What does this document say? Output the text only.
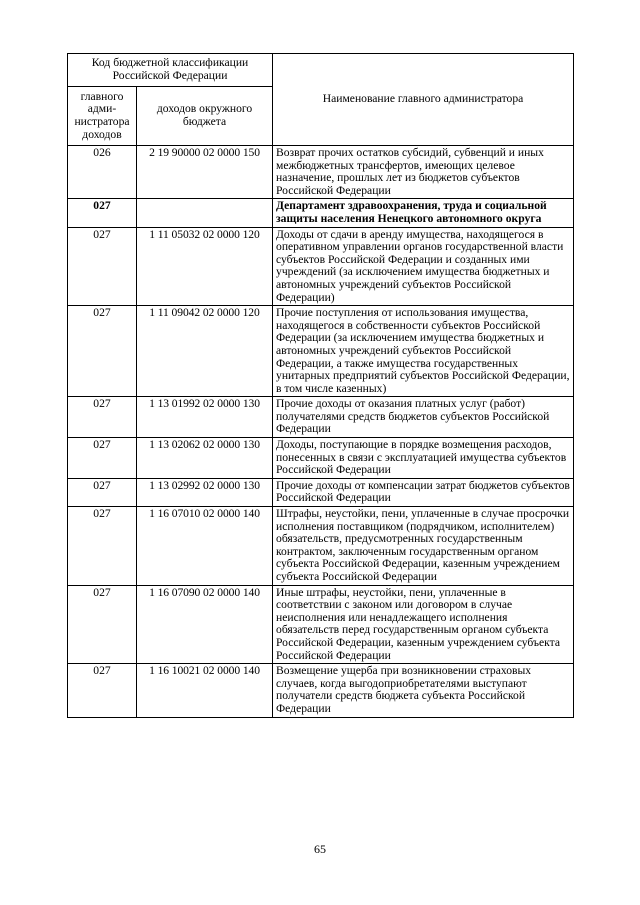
Код бюджетной классификации Российской Федерации		Наименование главного администратора
главного адми-нистратора доходов	доходов окружного бюджета	
026	2 19 90000 02 0000 150	Возврат прочих остатков субсидий, субвенций и иных межбюджетных трансфертов, имеющих целевое назначение, прошлых лет из бюджетов субъектов Российской Федерации
027		Департамент здравоохранения, труда и социальной защиты населения Ненецкого автономного округа
027	1 11 05032 02 0000 120	Доходы от сдачи в аренду имущества, находящегося в оперативном управлении органов государственной власти субъектов Российской Федерации и созданных ими учреждений (за исключением имущества бюджетных и автономных учреждений субъектов Российской Федерации)
027	1 11 09042 02 0000 120	Прочие поступления от использования имущества, находящегося в собственности субъектов Российской Федерации (за исключением имущества бюджетных и автономных учреждений субъектов Российской Федерации, а также имущества государственных унитарных предприятий субъектов Российской Федерации, в том числе казенных)
027	1 13 01992 02 0000 130	Прочие доходы от оказания платных услуг (работ) получателями средств бюджетов субъектов Российской Федерации
027	1 13 02062 02 0000 130	Доходы, поступающие в порядке возмещения расходов, понесенных в связи с эксплуатацией имущества субъектов Российской Федерации
027	1 13 02992 02 0000 130	Прочие доходы от компенсации затрат бюджетов субъектов Российской Федерации
027	1 16 07010 02 0000 140	Штрафы, неустойки, пени, уплаченные в случае просрочки исполнения поставщиком (подрядчиком, исполнителем) обязательств, предусмотренных государственным контрактом, заключенным государственным органом субъекта Российской Федерации, казенным учреждением субъекта Российской Федерации
027	1 16 07090 02 0000 140	Иные штрафы, неустойки, пени, уплаченные в соответствии с законом или договором в случае неисполнения или ненадлежащего исполнения обязательств перед государственным органом субъекта Российской Федерации, казенным учреждением субъекта Российской Федерации
027	1 16 10021 02 0000 140	Возмещение ущерба при возникновении страховых случаев, когда выгодоприобретателями выступают получатели средств бюджета субъекта Российской Федерации
65
